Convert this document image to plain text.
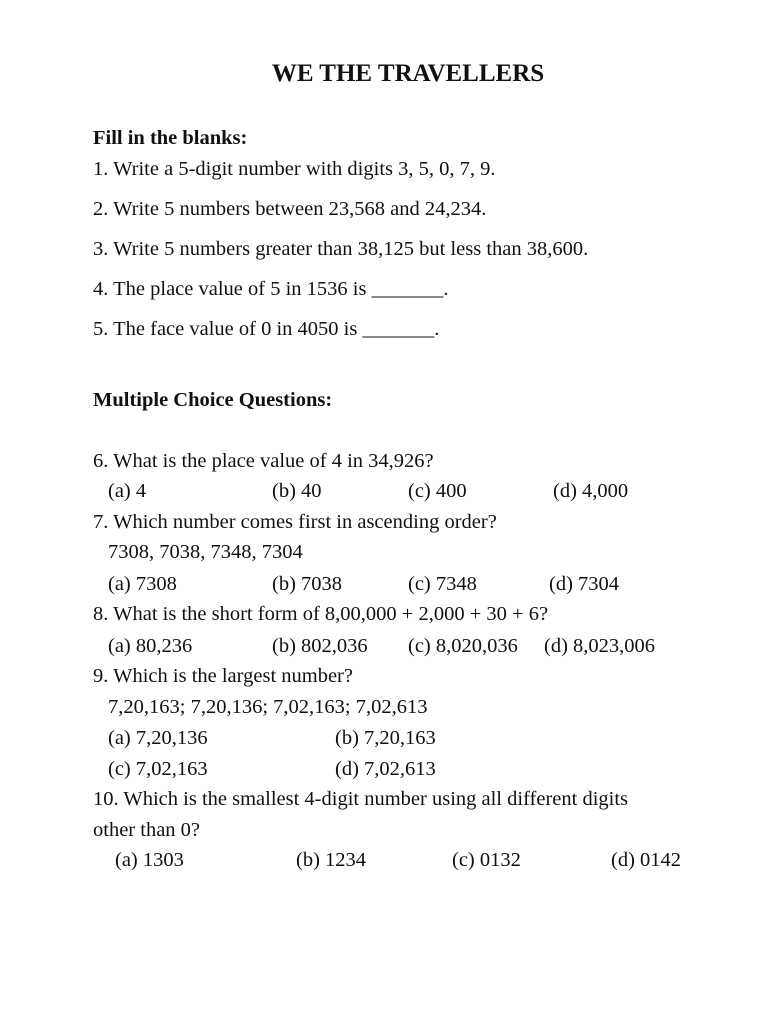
WE THE TRAVELLERS
Fill in the blanks:
1. Write a 5-digit number with digits 3, 5, 0, 7, 9.
2. Write 5 numbers between 23,568 and 24,234.
3. Write 5 numbers greater than 38,125 but less than 38,600.
4. The place value of 5 in 1536 is _______.
5. The face value of 0 in 4050 is _______.
Multiple Choice Questions:
6. What is the place value of 4 in 34,926?
(a) 4	(b) 40	(c) 400	(d) 4,000
7. Which number comes first in ascending order?
7308, 7038, 7348, 7304
(a) 7308	(b) 7038	(c) 7348	(d) 7304
8. What is the short form of 8,00,000 + 2,000 + 30 + 6?
(a) 80,236	(b) 802,036 (c) 8,020,036 (d) 8,023,006
9. Which is the largest number?
7,20,163; 7,20,136; 7,02,163; 7,02,613
(a) 7,20,136	(b) 7,20,163
(c) 7,02,163	(d) 7,02,613
10. Which is the smallest 4-digit number using all different digits
other than 0?
(a) 1303	(b) 1234	(c) 0132	(d) 0142
